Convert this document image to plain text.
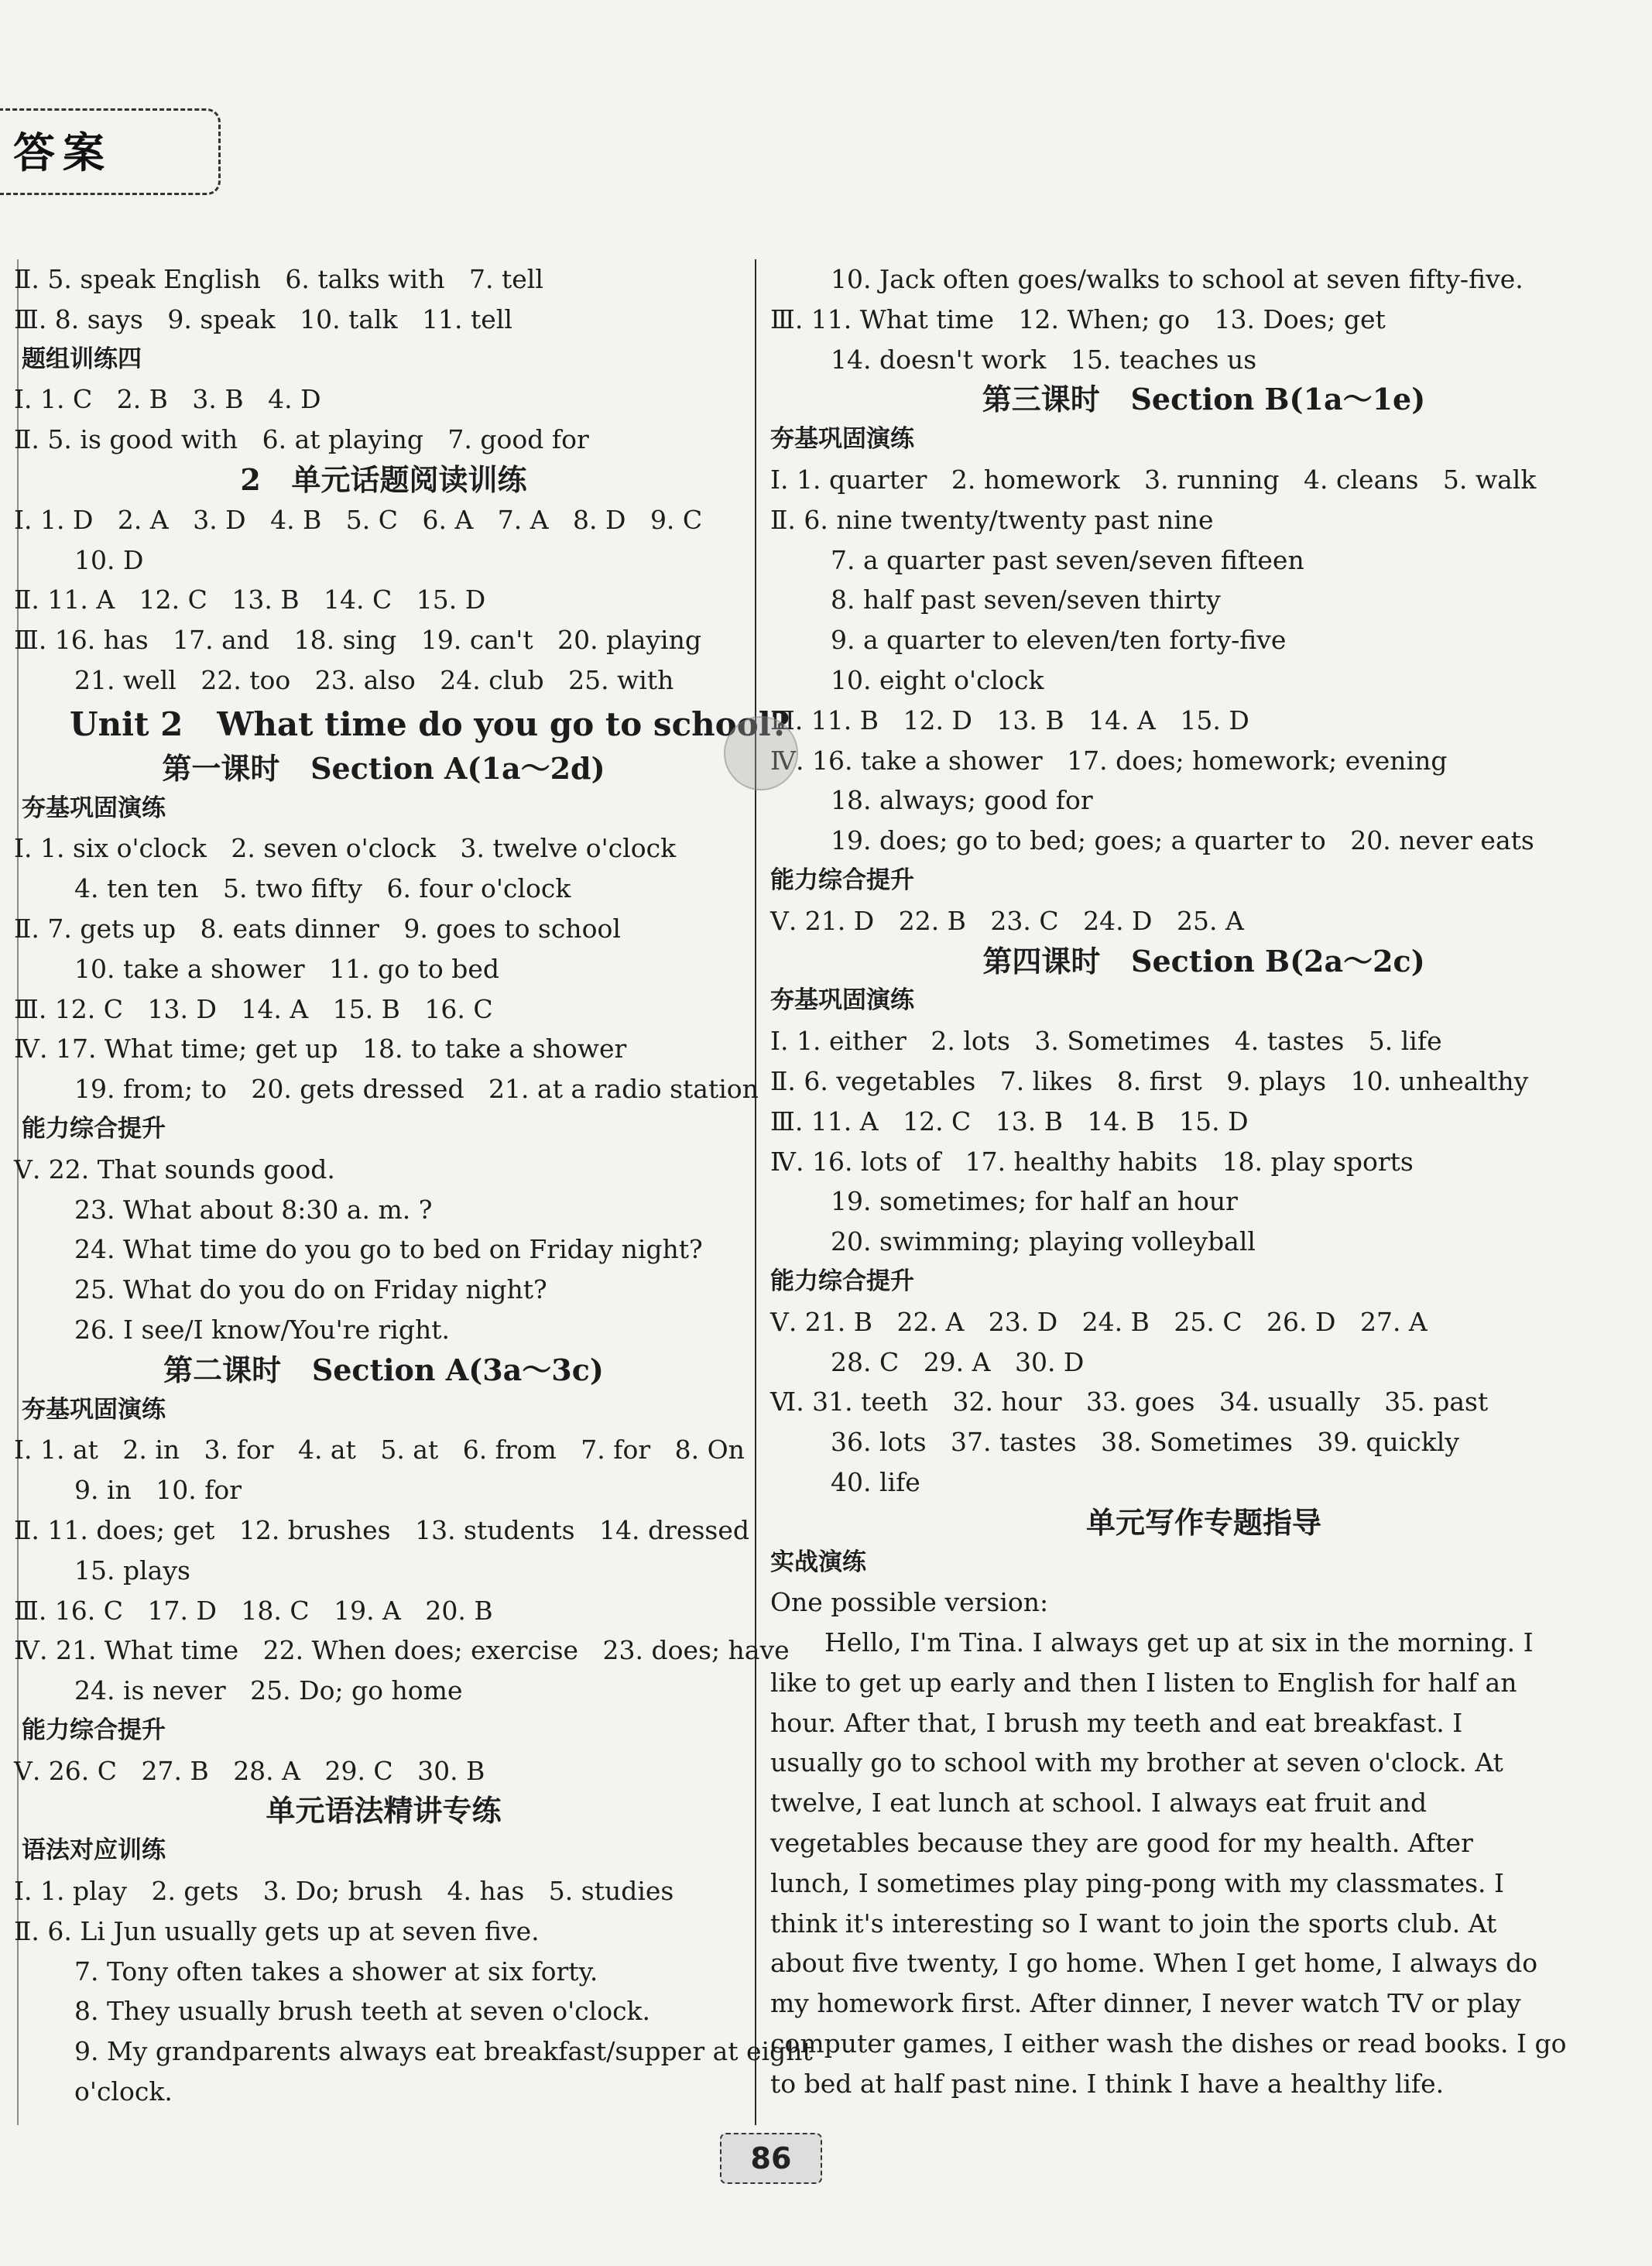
答案
Ⅱ. 5. speak English   6. talks with   7. tell
Ⅲ. 8. says   9. speak   10. talk   11. tell
题组训练四
Ⅰ. 1. C   2. B   3. B   4. D
Ⅱ. 5. is good with   6. at playing   7. good for
2   单元话题阅读训练
Ⅰ. 1. D   2. A   3. D   4. B   5. C   6. A   7. A   8. D   9. C
10. D
Ⅱ. 11. A   12. C   13. B   14. C   15. D
Ⅲ. 16. has   17. and   18. sing   19. can't   20. playing
21. well   22. too   23. also   24. club   25. with
Unit 2   What time do you go to school?
第一课时   Section A(1a～2d)
夯基巩固演练
Ⅰ. 1. six o'clock   2. seven o'clock   3. twelve o'clock
4. ten ten   5. two fifty   6. four o'clock
Ⅱ. 7. gets up   8. eats dinner   9. goes to school
10. take a shower   11. go to bed
Ⅲ. 12. C   13. D   14. A   15. B   16. C
Ⅳ. 17. What time; get up   18. to take a shower
19. from; to   20. gets dressed   21. at a radio station
能力综合提升
Ⅴ. 22. That sounds good.
23. What about 8:30 a. m. ?
24. What time do you go to bed on Friday night?
25. What do you do on Friday night?
26. I see/I know/You're right.
第二课时   Section A(3a～3c)
夯基巩固演练
Ⅰ. 1. at   2. in   3. for   4. at   5. at   6. from   7. for   8. On
9. in   10. for
Ⅱ. 11. does; get   12. brushes   13. students   14. dressed
15. plays
Ⅲ. 16. C   17. D   18. C   19. A   20. B
Ⅳ. 21. What time   22. When does; exercise   23. does; have
24. is never   25. Do; go home
能力综合提升
Ⅴ. 26. C   27. B   28. A   29. C   30. B
单元语法精讲专练
语法对应训练
Ⅰ. 1. play   2. gets   3. Do; brush   4. has   5. studies
Ⅱ. 6. Li Jun usually gets up at seven five.
7. Tony often takes a shower at six forty.
8. They usually brush teeth at seven o'clock.
9. My grandparents always eat breakfast/supper at eight
o'clock.
10. Jack often goes/walks to school at seven fifty-five.
Ⅲ. 11. What time   12. When; go   13. Does; get
14. doesn't work   15. teaches us
第三课时   Section B(1a～1e)
夯基巩固演练
Ⅰ. 1. quarter   2. homework   3. running   4. cleans   5. walk
Ⅱ. 6. nine twenty/twenty past nine
7. a quarter past seven/seven fifteen
8. half past seven/seven thirty
9. a quarter to eleven/ten forty-five
10. eight o'clock
Ⅲ. 11. B   12. D   13. B   14. A   15. D
Ⅳ. 16. take a shower   17. does; homework; evening
18. always; good for
19. does; go to bed; goes; a quarter to   20. never eats
能力综合提升
Ⅴ. 21. D   22. B   23. C   24. D   25. A
第四课时   Section B(2a～2c)
夯基巩固演练
Ⅰ. 1. either   2. lots   3. Sometimes   4. tastes   5. life
Ⅱ. 6. vegetables   7. likes   8. first   9. plays   10. unhealthy
Ⅲ. 11. A   12. C   13. B   14. B   15. D
Ⅳ. 16. lots of   17. healthy habits   18. play sports
19. sometimes; for half an hour
20. swimming; playing volleyball
能力综合提升
Ⅴ. 21. B   22. A   23. D   24. B   25. C   26. D   27. A
28. C   29. A   30. D
Ⅵ. 31. teeth   32. hour   33. goes   34. usually   35. past
36. lots   37. tastes   38. Sometimes   39. quickly
40. life
单元写作专题指导
实战演练
One possible version:
Hello, I'm Tina. I always get up at six in the morning. I
like to get up early and then I listen to English for half an
hour. After that, I brush my teeth and eat breakfast. I
usually go to school with my brother at seven o'clock. At
twelve, I eat lunch at school. I always eat fruit and
vegetables because they are good for my health. After
lunch, I sometimes play ping-pong with my classmates. I
think it's interesting so I want to join the sports club. At
about five twenty, I go home. When I get home, I always do
my homework first. After dinner, I never watch TV or play
computer games, I either wash the dishes or read books. I go
to bed at half past nine. I think I have a healthy life.
86
